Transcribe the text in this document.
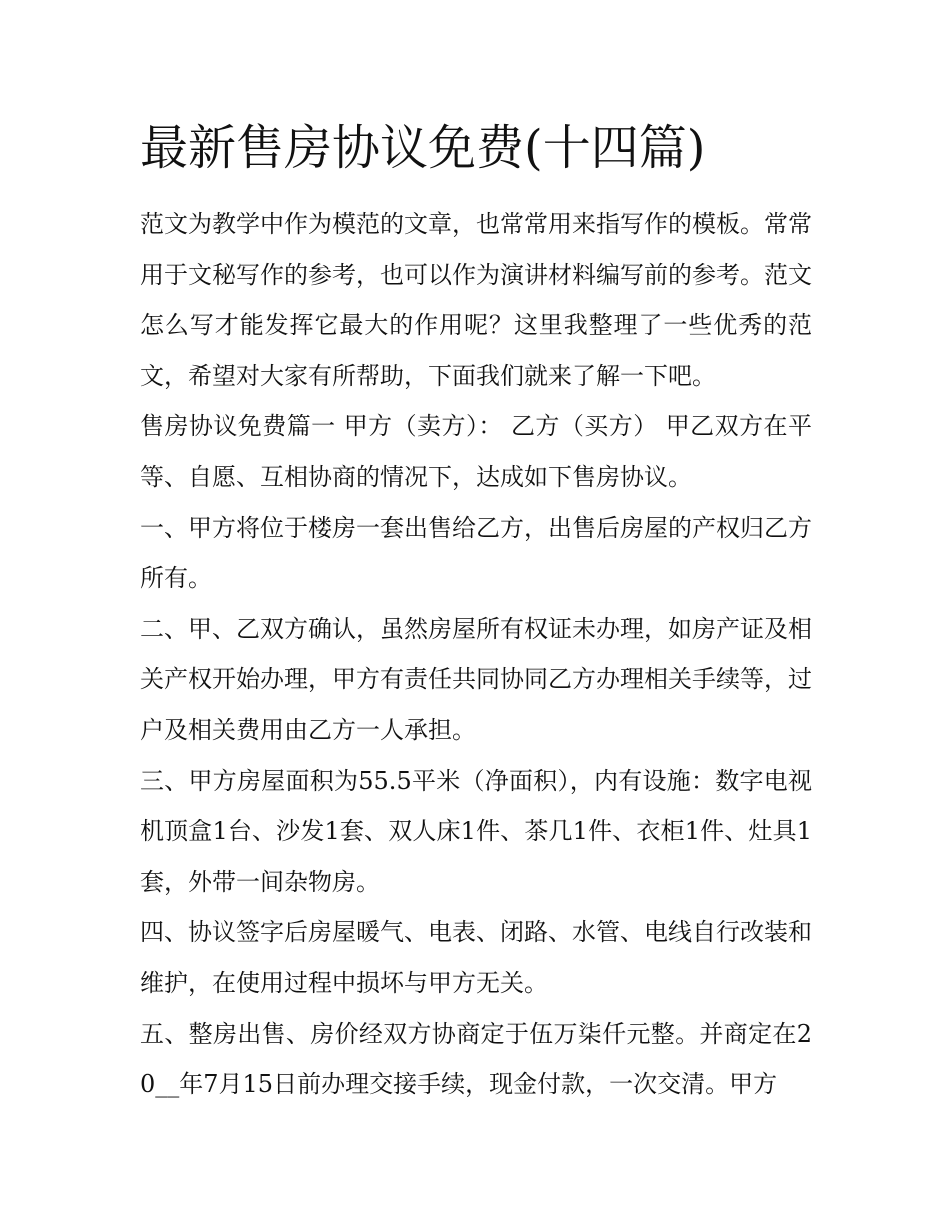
最新售房协议免费(十四篇)

范文为教学中作为模范的文章，也常常用来指写作的模板。常常用于文秘写作的参考，也可以作为演讲材料编写前的参考。范文怎么写才能发挥它最大的作用呢？这里我整理了一些优秀的范文，希望对大家有所帮助，下面我们就来了解一下吧。

售房协议免费篇一 甲方（卖方）： 乙方（买方） 甲乙双方在平等、自愿、互相协商的情况下，达成如下售房协议。

一、甲方将位于楼房一套出售给乙方，出售后房屋的产权归乙方所有。

二、甲、乙双方确认，虽然房屋所有权证未办理，如房产证及相关产权开始办理，甲方有责任共同协同乙方办理相关手续等，过户及相关费用由乙方一人承担。

三、甲方房屋面积为55.5平米（净面积），内有设施：数字电视机顶盒1台、沙发1套、双人床1件、茶几1件、衣柜1件、灶具1套，外带一间杂物房。

四、协议签字后房屋暖气、电表、闭路、水管、电线自行改装和维护，在使用过程中损坏与甲方无关。

五、整房出售、房价经双方协商定于伍万柒仟元整。并商定在20__年7月15日前办理交接手续，现金付款，一次交清。甲方
